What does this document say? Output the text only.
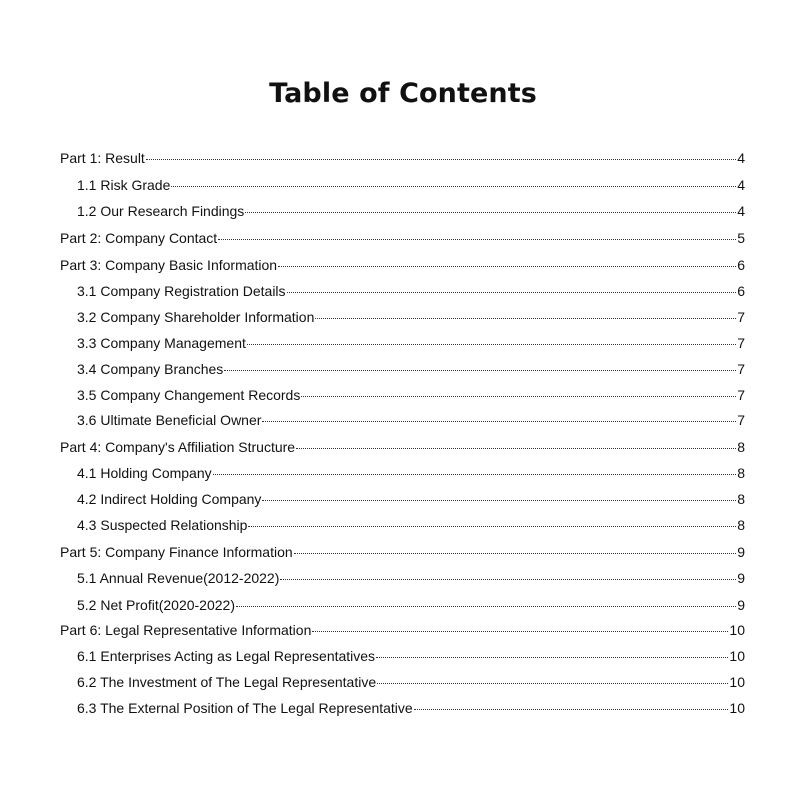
Table of Contents
Part 1: Result	4
1.1 Risk Grade	4
1.2 Our Research Findings	4
Part 2: Company Contact	5
Part 3: Company Basic Information	6
3.1 Company Registration Details	6
3.2 Company Shareholder Information	7
3.3 Company Management	7
3.4 Company Branches	7
3.5 Company Changement Records	7
3.6 Ultimate Beneficial Owner	7
Part 4: Company's Affiliation Structure	8
4.1 Holding Company	8
4.2 Indirect Holding Company	8
4.3 Suspected Relationship	8
Part 5: Company Finance Information	9
5.1 Annual Revenue(2012-2022)	9
5.2 Net Profit(2020-2022)	9
Part 6: Legal Representative Information	10
6.1 Enterprises Acting as Legal Representatives	10
6.2 The Investment of The Legal Representative	10
6.3 The External Position of The Legal Representative	10
